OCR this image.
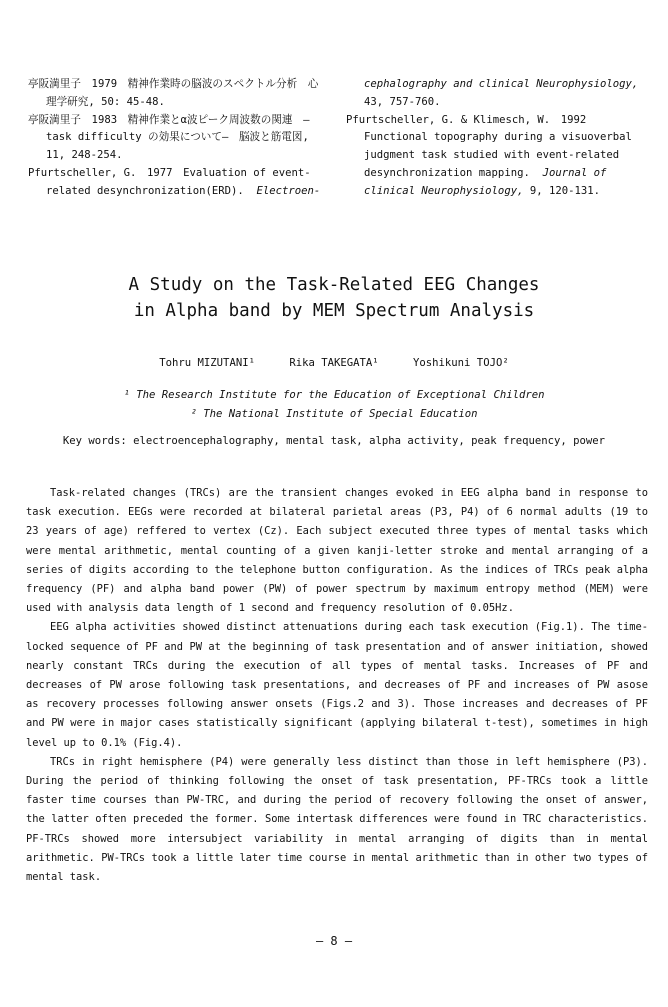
亭阪満里子　1979　精神作業時の脳波のスペクトル分析　心理学研究, 50: 45-48.

亭阪満里子　1983　精神作業とα波ピーク周波数の関連　—task difficulty の効果について—　脳波と筋電図, 11, 248-254.

Pfurtscheller, G.　1977　Evaluation of event-related desynchronization(ERD). Electroen-

cephalography and clinical Neurophysiology,
43, 757-760.

Pfurtscheller, G. & Klimesch, W.　1992　Functional topography during a visuoverbal judgment task studied with event-related desynchronization mapping. Journal of clinical Neurophysiology, 9, 120-131.

A Study on the Task-Related EEG Changes
in Alpha band by MEM Spectrum Analysis
Tohru MIZUTANI¹	Rika TAKEGATA¹	Yoshikuni TOJO²
¹ The Research Institute for the Education of Exceptional Children
² The National Institute of Special Education
Key words: electroencephalography, mental task, alpha activity, peak frequency, power

Task-related changes (TRCs) are the transient changes evoked in EEG alpha band in response to task execution. EEGs were recorded at bilateral parietal areas (P3, P4) of 6 normal adults (19 to 23 years of age) reffered to vertex (Cz). Each subject executed three types of mental tasks which were mental arithmetic, mental counting of a given kanji-letter stroke and mental arranging of a series of digits according to the telephone button configuration. As the indices of TRCs peak alpha frequency (PF) and alpha band power (PW) of power spectrum by maximum entropy method (MEM) were used with analysis data length of 1 second and frequency resolution of 0.05Hz.

EEG alpha activities showed distinct attenuations during each task execution (Fig.1). The time-locked sequence of PF and PW at the beginning of task presentation and of answer initiation, showed nearly constant TRCs during the execution of all types of mental tasks. Increases of PF and decreases of PW arose following task presentations, and decreases of PF and increases of PW asose as recovery processes following answer onsets (Figs.2 and 3). Those increases and decreases of PF and PW were in major cases statistically significant (applying bilateral t-test), sometimes in high level up to 0.1% (Fig.4).

TRCs in right hemisphere (P4) were generally less distinct than those in left hemisphere (P3). During the period of thinking following the onset of task presentation, PF-TRCs took a little faster time courses than PW-TRC, and during the period of recovery following the onset of answer, the latter often preceded the former. Some intertask differences were found in TRC characteristics. PF-TRCs showed more intersubject variability in mental arranging of digits than in mental arithmetic. PW-TRCs took a little later time course in mental arithmetic than in other two types of mental task.

— 8 —
